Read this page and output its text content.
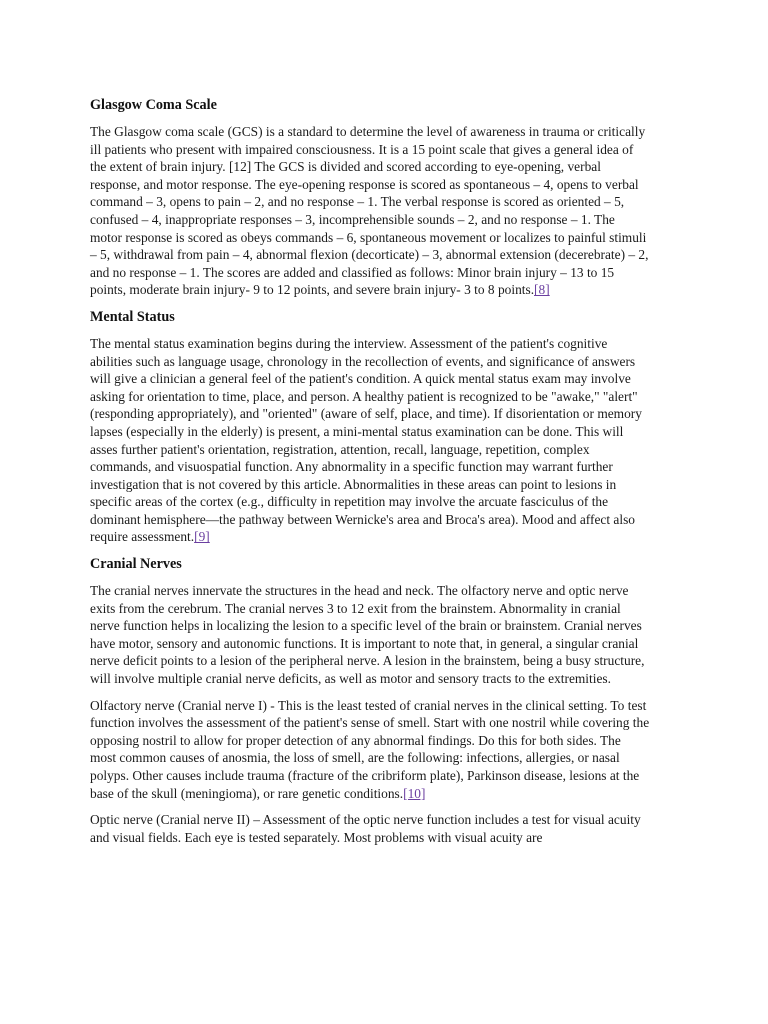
Glasgow Coma Scale

The Glasgow coma scale (GCS) is a standard to determine the level of awareness in trauma or critically ill patients who present with impaired consciousness. It is a 15 point scale that gives a general idea of the extent of brain injury. [12] The GCS is divided and scored according to eye-opening, verbal response, and motor response. The eye-opening response is scored as spontaneous – 4, opens to verbal command – 3, opens to pain – 2, and no response – 1. The verbal response is scored as oriented – 5, confused – 4, inappropriate responses – 3, incomprehensible sounds – 2, and no response – 1. The motor response is scored as obeys commands – 6, spontaneous movement or localizes to painful stimuli – 5, withdrawal from pain – 4, abnormal flexion (decorticate) – 3, abnormal extension (decerebrate) – 2, and no response – 1. The scores are added and classified as follows: Minor brain injury – 13 to 15 points, moderate brain injury- 9 to 12 points, and severe brain injury- 3 to 8 points.[8]

Mental Status

The mental status examination begins during the interview. Assessment of the patient's cognitive abilities such as language usage, chronology in the recollection of events, and significance of answers will give a clinician a general feel of the patient's condition. A quick mental status exam may involve asking for orientation to time, place, and person. A healthy patient is recognized to be "awake," "alert" (responding appropriately), and "oriented" (aware of self, place, and time). If disorientation or memory lapses (especially in the elderly) is present, a mini-mental status examination can be done. This will asses further patient's orientation, registration, attention, recall, language, repetition, complex commands, and visuospatial function. Any abnormality in a specific function may warrant further investigation that is not covered by this article. Abnormalities in these areas can point to lesions in specific areas of the cortex (e.g., difficulty in repetition may involve the arcuate fasciculus of the dominant hemisphere—the pathway between Wernicke's area and Broca's area). Mood and affect also require assessment.[9]

Cranial Nerves

The cranial nerves innervate the structures in the head and neck. The olfactory nerve and optic nerve exits from the cerebrum. The cranial nerves 3 to 12 exit from the brainstem. Abnormality in cranial nerve function helps in localizing the lesion to a specific level of the brain or brainstem. Cranial nerves have motor, sensory and autonomic functions. It is important to note that, in general, a singular cranial nerve deficit points to a lesion of the peripheral nerve. A lesion in the brainstem, being a busy structure, will involve multiple cranial nerve deficits, as well as motor and sensory tracts to the extremities.

Olfactory nerve (Cranial nerve I) - This is the least tested of cranial nerves in the clinical setting. To test function involves the assessment of the patient's sense of smell. Start with one nostril while covering the opposing nostril to allow for proper detection of any abnormal findings. Do this for both sides. The most common causes of anosmia, the loss of smell, are the following: infections, allergies, or nasal polyps. Other causes include trauma (fracture of the cribriform plate), Parkinson disease, lesions at the base of the skull (meningioma), or rare genetic conditions.[10]

Optic nerve (Cranial nerve II) – Assessment of the optic nerve function includes a test for visual acuity and visual fields. Each eye is tested separately. Most problems with visual acuity are
